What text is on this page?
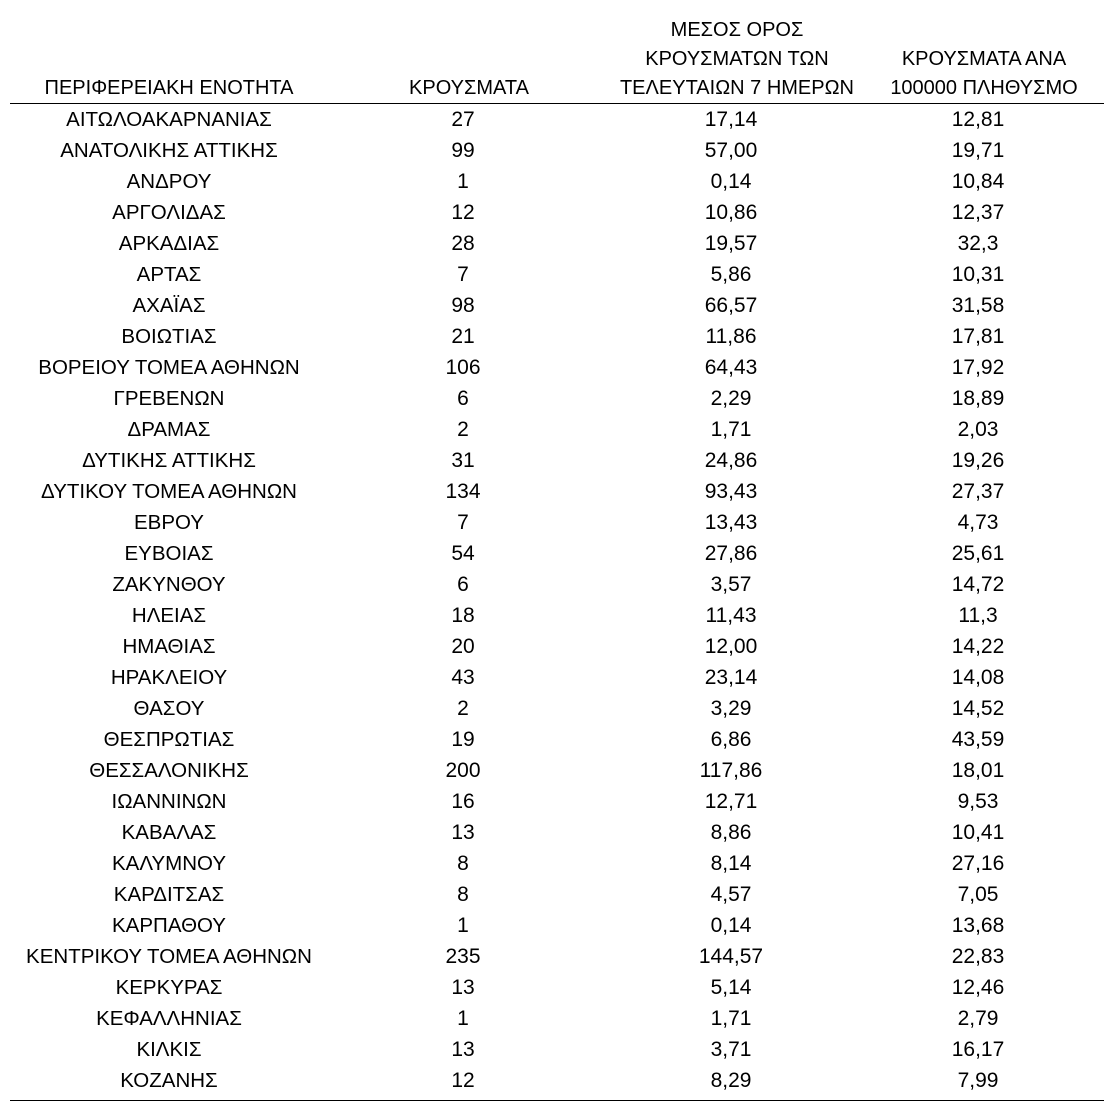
ΠΕΡΙΦΕΡΕΙΑΚΗ ΕΝΟΤΗΤΑ	ΚΡΟΥΣΜΑΤΑ	ΜΕΣΟΣ ΟΡΟΣ
ΚΡΟΥΣΜΑΤΩΝ ΤΩΝ
ΤΕΛΕΥΤΑΙΩΝ 7 ΗΜΕΡΩΝ	ΚΡΟΥΣΜΑΤΑ ΑΝΑ
100000 ΠΛΗΘΥΣΜΟ

ΑΙΤΩΛΟΑΚΑΡΝΑΝΙΑΣ	27	17,14	12,81
ΑΝΑΤΟΛΙΚΗΣ ΑΤΤΙΚΗΣ	99	57,00	19,71
ΑΝΔΡΟΥ	1	0,14	10,84
ΑΡΓΟΛΙΔΑΣ	12	10,86	12,37
ΑΡΚΑΔΙΑΣ	28	19,57	32,3
ΑΡΤΑΣ	7	5,86	10,31
ΑΧΑΪΑΣ	98	66,57	31,58
ΒΟΙΩΤΙΑΣ	21	11,86	17,81
ΒΟΡΕΙΟΥ ΤΟΜΕΑ ΑΘΗΝΩΝ	106	64,43	17,92
ΓΡΕΒΕΝΩΝ	6	2,29	18,89
ΔΡΑΜΑΣ	2	1,71	2,03
ΔΥΤΙΚΗΣ ΑΤΤΙΚΗΣ	31	24,86	19,26
ΔΥΤΙΚΟΥ ΤΟΜΕΑ ΑΘΗΝΩΝ	134	93,43	27,37
ΕΒΡΟΥ	7	13,43	4,73
ΕΥΒΟΙΑΣ	54	27,86	25,61
ΖΑΚΥΝΘΟΥ	6	3,57	14,72
ΗΛΕΙΑΣ	18	11,43	11,3
ΗΜΑΘΙΑΣ	20	12,00	14,22
ΗΡΑΚΛΕΙΟΥ	43	23,14	14,08
ΘΑΣΟΥ	2	3,29	14,52
ΘΕΣΠΡΩΤΙΑΣ	19	6,86	43,59
ΘΕΣΣΑΛΟΝΙΚΗΣ	200	117,86	18,01
ΙΩΑΝΝΙΝΩΝ	16	12,71	9,53
ΚΑΒΑΛΑΣ	13	8,86	10,41
ΚΑΛΥΜΝΟΥ	8	8,14	27,16
ΚΑΡΔΙΤΣΑΣ	8	4,57	7,05
ΚΑΡΠΑΘΟΥ	1	0,14	13,68
ΚΕΝΤΡΙΚΟΥ ΤΟΜΕΑ ΑΘΗΝΩΝ	235	144,57	22,83
ΚΕΡΚΥΡΑΣ	13	5,14	12,46
ΚΕΦΑΛΛΗΝΙΑΣ	1	1,71	2,79
ΚΙΛΚΙΣ	13	3,71	16,17
ΚΟΖΑΝΗΣ	12	8,29	7,99
